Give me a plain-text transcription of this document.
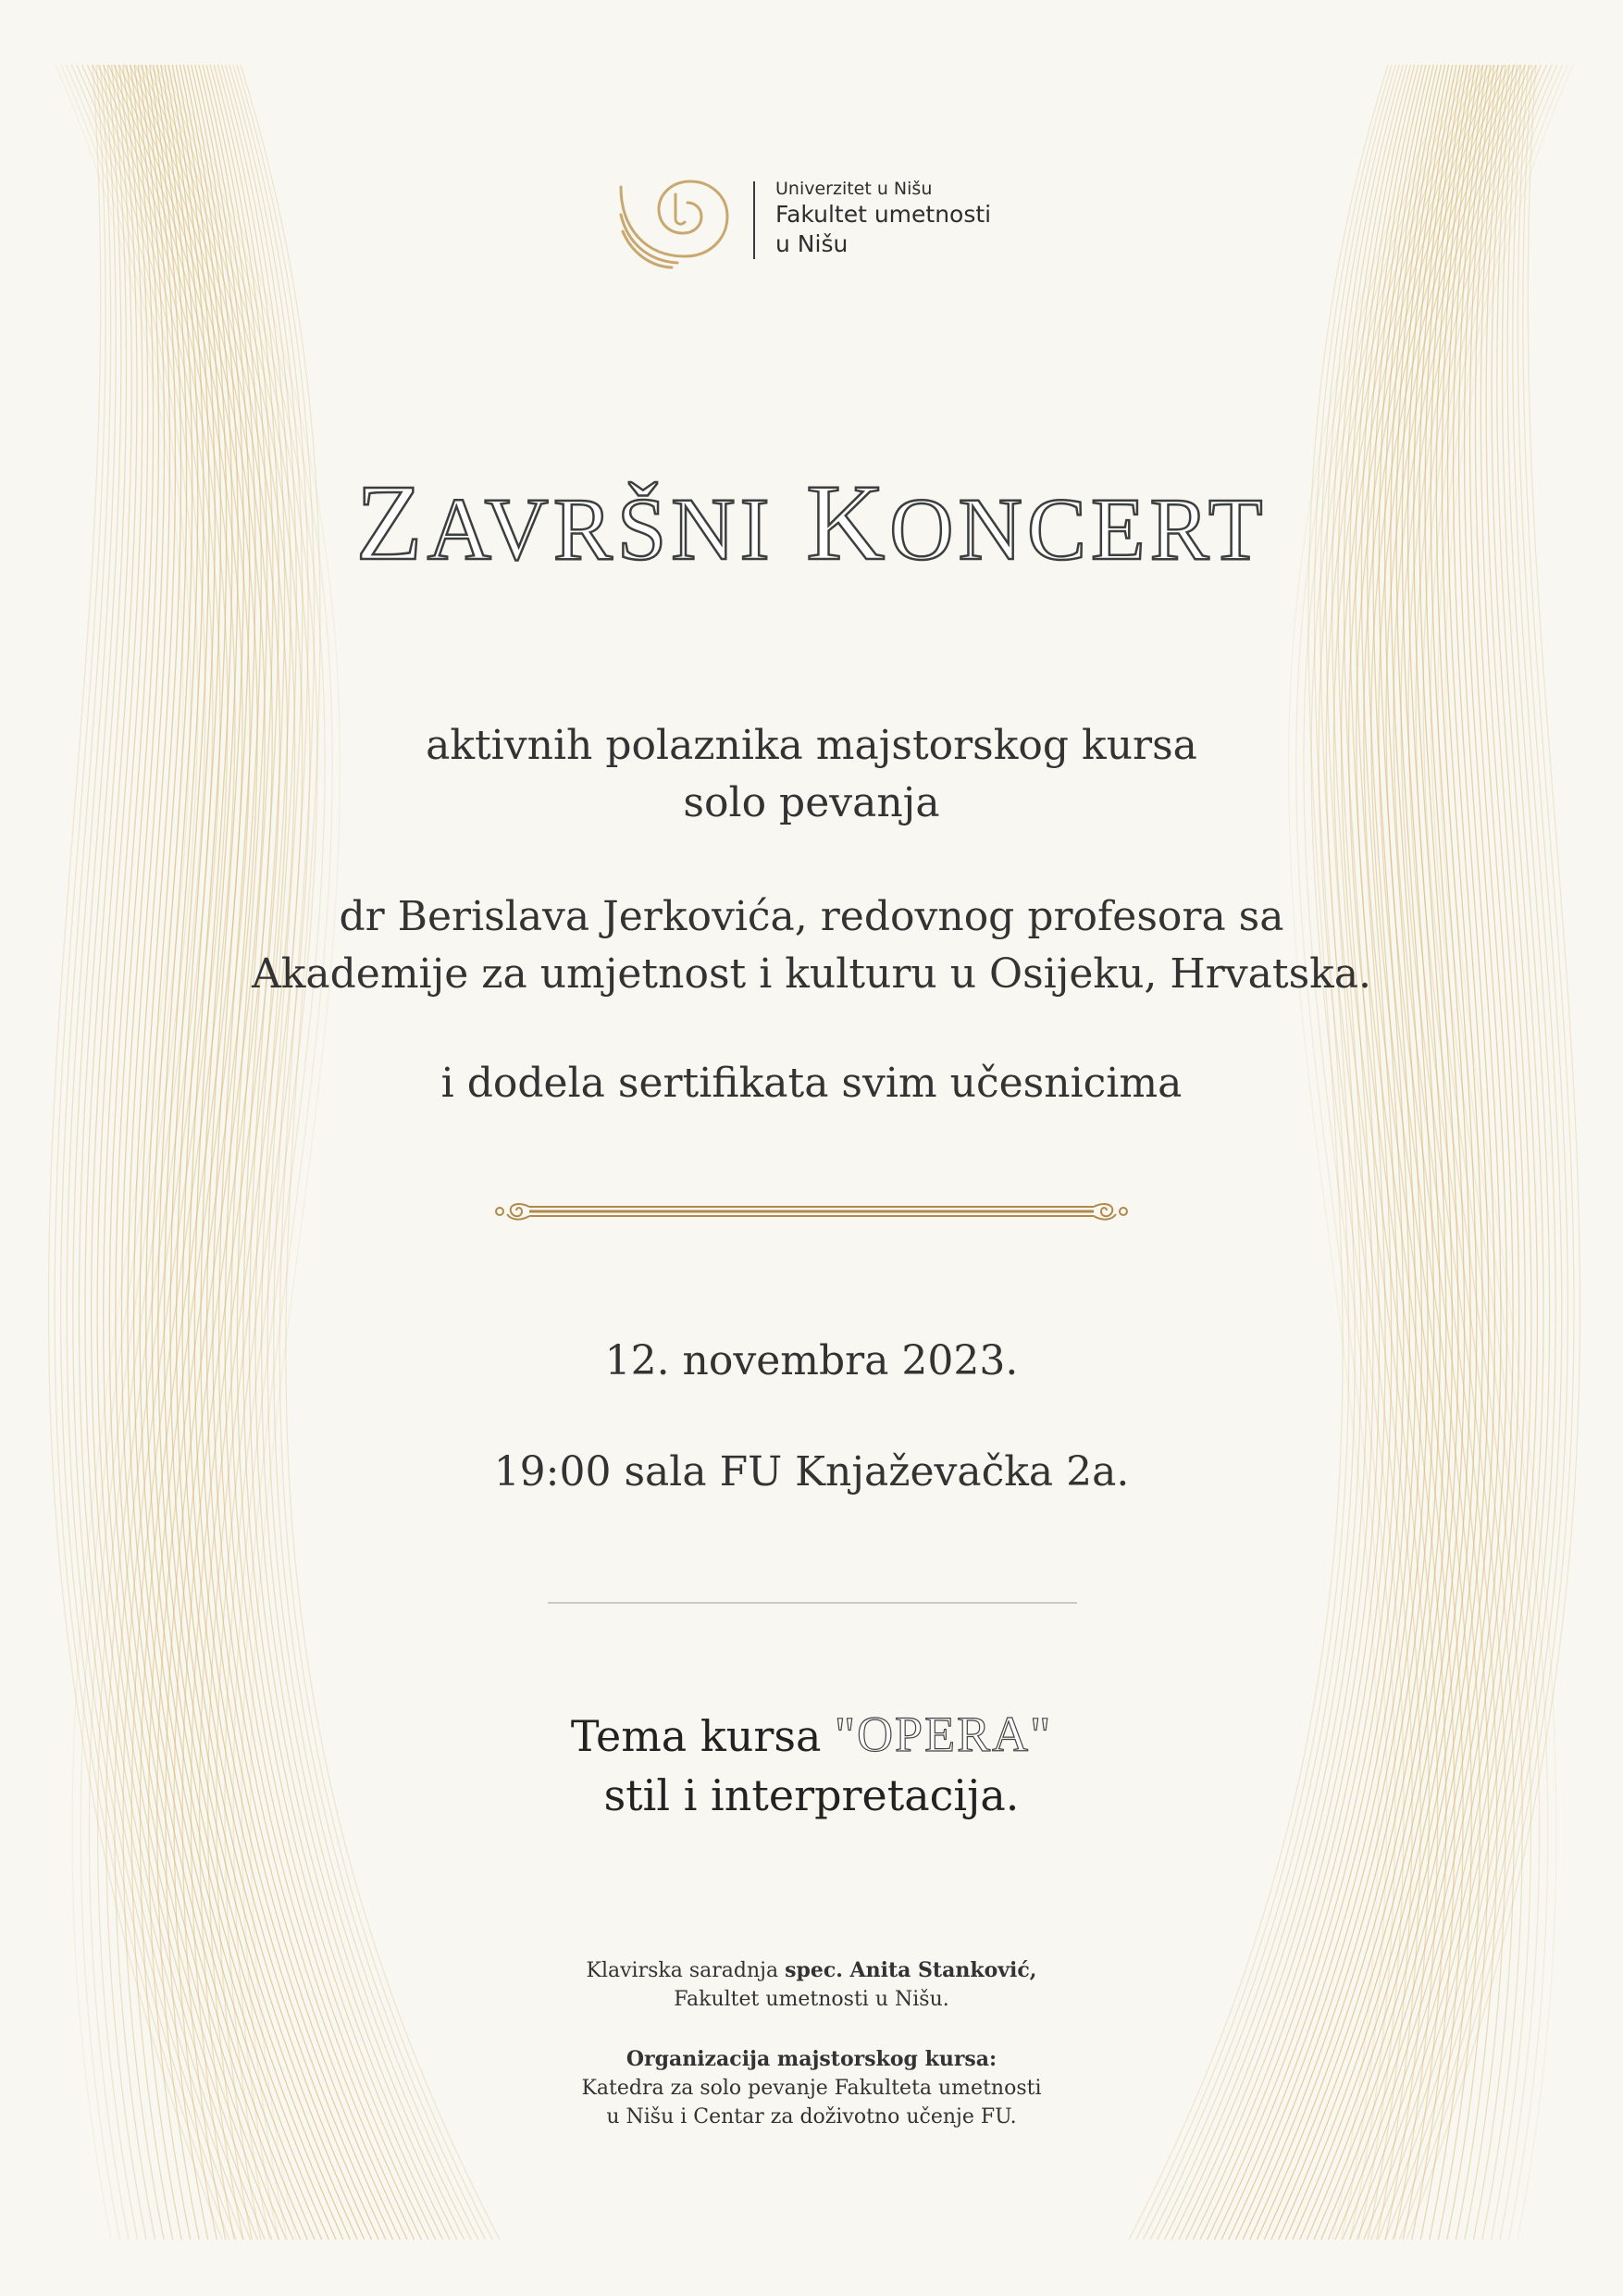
Univerzitet u Nišu
Fakultet umetnosti
u Nišu
ZAVRŠNI KONCERT
aktivnih polaznika majstorskog kursa
solo pevanja
dr Berislava Jerkovića, redovnog profesora sa
Akademije za umjetnost i kulturu u Osijeku, Hrvatska.
i dodela sertifikata svim učesnicima
12. novembra 2023.
19:00 sala FU Knjaževačka 2a.
Tema kursa "OPERA"
stil i interpretacija.
Klavirska saradnja spec. Anita Stanković,
Fakultet umetnosti u Nišu.
Organizacija majstorskog kursa:
Katedra za solo pevanje Fakulteta umetnosti
u Nišu i Centar za doživotno učenje FU.
